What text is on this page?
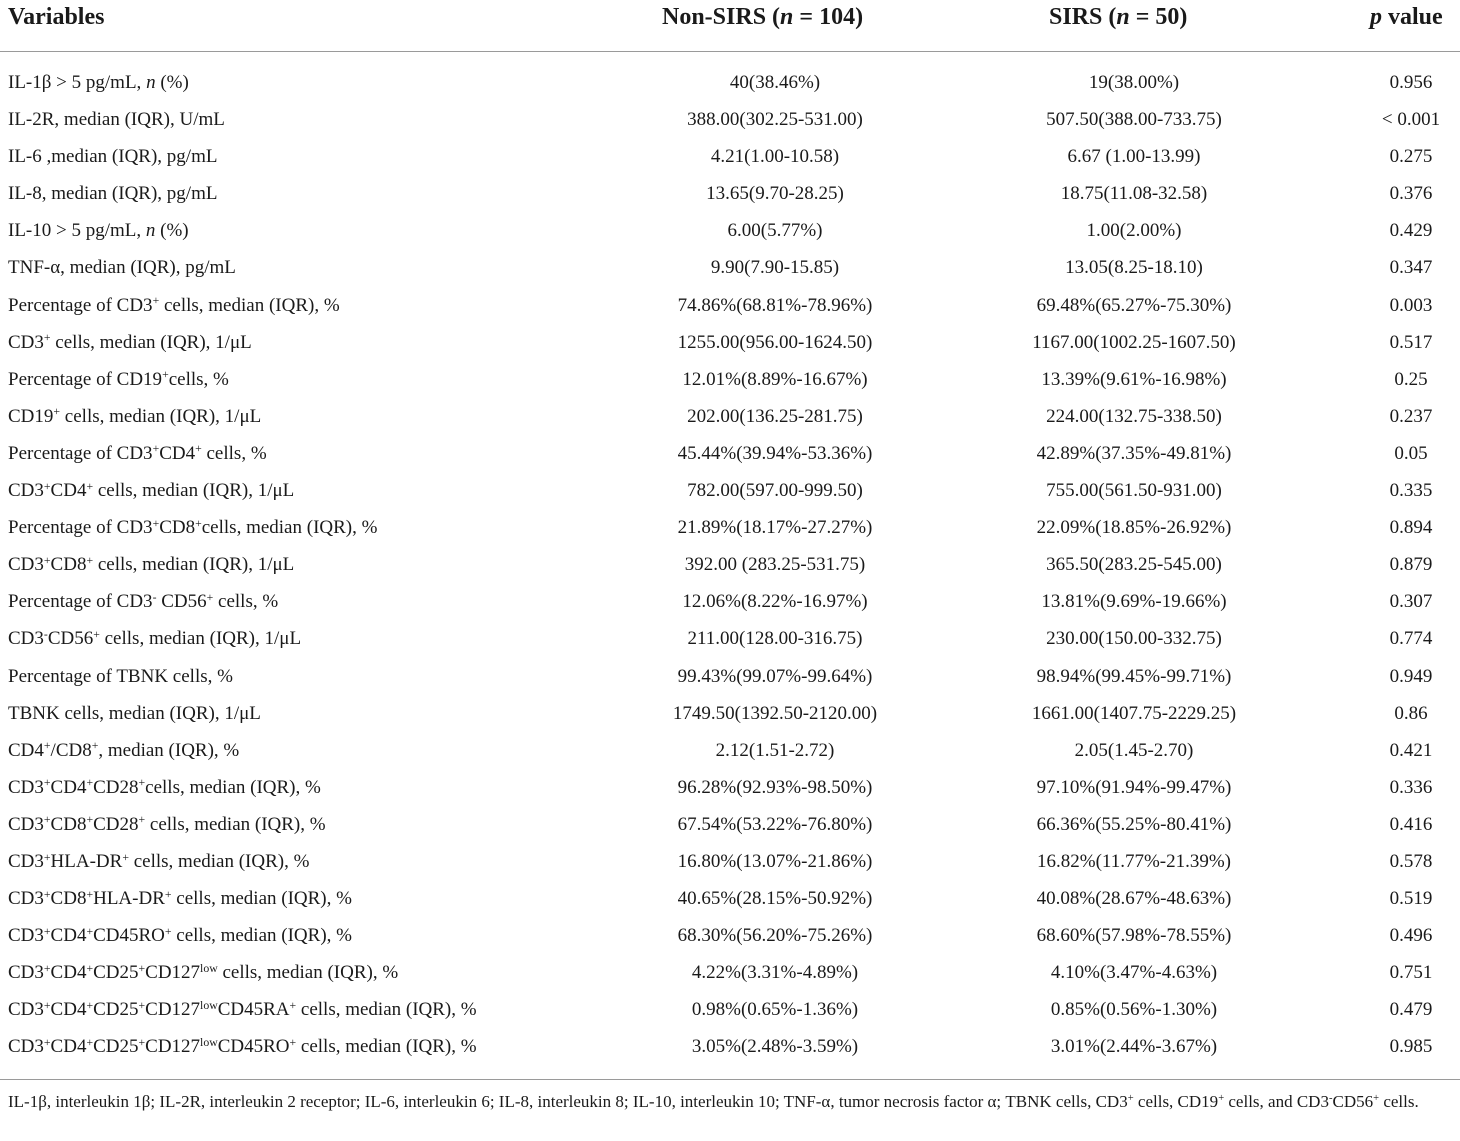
Variables	Non-SIRS (n = 104)	SIRS (n = 50)	p value
IL-1β > 5 pg/mL, n (%)	40(38.46%)	19(38.00%)	0.956
IL-2R, median (IQR), U/mL	388.00(302.25-531.00)	507.50(388.00-733.75)	< 0.001
IL-6 ,median (IQR), pg/mL	4.21(1.00-10.58)	6.67 (1.00-13.99)	0.275
IL-8, median (IQR), pg/mL	13.65(9.70-28.25)	18.75(11.08-32.58)	0.376
IL-10 > 5 pg/mL, n (%)	6.00(5.77%)	1.00(2.00%)	0.429
TNF-α, median (IQR), pg/mL	9.90(7.90-15.85)	13.05(8.25-18.10)	0.347
Percentage of CD3+ cells, median (IQR), %	74.86%(68.81%-78.96%)	69.48%(65.27%-75.30%)	0.003
CD3+ cells, median (IQR), 1/μL	1255.00(956.00-1624.50)	1167.00(1002.25-1607.50)	0.517
Percentage of CD19+cells, %	12.01%(8.89%-16.67%)	13.39%(9.61%-16.98%)	0.25
CD19+ cells, median (IQR), 1/μL	202.00(136.25-281.75)	224.00(132.75-338.50)	0.237
Percentage of CD3+CD4+ cells, %	45.44%(39.94%-53.36%)	42.89%(37.35%-49.81%)	0.05
CD3+CD4+ cells, median (IQR), 1/μL	782.00(597.00-999.50)	755.00(561.50-931.00)	0.335
Percentage of CD3+CD8+cells, median (IQR), %	21.89%(18.17%-27.27%)	22.09%(18.85%-26.92%)	0.894
CD3+CD8+ cells, median (IQR), 1/μL	392.00 (283.25-531.75)	365.50(283.25-545.00)	0.879
Percentage of CD3- CD56+ cells, %	12.06%(8.22%-16.97%)	13.81%(9.69%-19.66%)	0.307
CD3-CD56+ cells, median (IQR), 1/μL	211.00(128.00-316.75)	230.00(150.00-332.75)	0.774
Percentage of TBNK cells, %	99.43%(99.07%-99.64%)	98.94%(99.45%-99.71%)	0.949
TBNK cells, median (IQR), 1/μL	1749.50(1392.50-2120.00)	1661.00(1407.75-2229.25)	0.86
CD4+/CD8+, median (IQR), %	2.12(1.51-2.72)	2.05(1.45-2.70)	0.421
CD3+CD4+CD28+cells, median (IQR), %	96.28%(92.93%-98.50%)	97.10%(91.94%-99.47%)	0.336
CD3+CD8+CD28+ cells, median (IQR), %	67.54%(53.22%-76.80%)	66.36%(55.25%-80.41%)	0.416
CD3+HLA-DR+ cells, median (IQR), %	16.80%(13.07%-21.86%)	16.82%(11.77%-21.39%)	0.578
CD3+CD8+HLA-DR+ cells, median (IQR), %	40.65%(28.15%-50.92%)	40.08%(28.67%-48.63%)	0.519
CD3+CD4+CD45RO+ cells, median (IQR), %	68.30%(56.20%-75.26%)	68.60%(57.98%-78.55%)	0.496
$CD3^+CD4^+CD25^+CD127^{low}$ cells, median (IQR), %	4.22%(3.31%-4.89%)	4.10%(3.47%-4.63%)	0.751
$CD3^+CD4^+CD25^+CD127^{low}CD45RA^+$ cells, median (IQR), %	0.98%(0.65%-1.36%)	0.85%(0.56%-1.30%)	0.479
$CD3^+CD4^+CD25^+CD127^{low}CD45RO^+$ cells, median (IQR), %	3.05%(2.48%-3.59%)	3.01%(2.44%-3.67%)	0.985
IL-1β, interleukin 1β; IL-2R, interleukin 2 receptor; IL-6, interleukin 6; IL-8, interleukin 8; IL-10, interleukin 10; TNF-α, tumor necrosis factor α; TBNK cells, CD3+ cells, CD19+ cells, and CD3-CD56+ cells.
